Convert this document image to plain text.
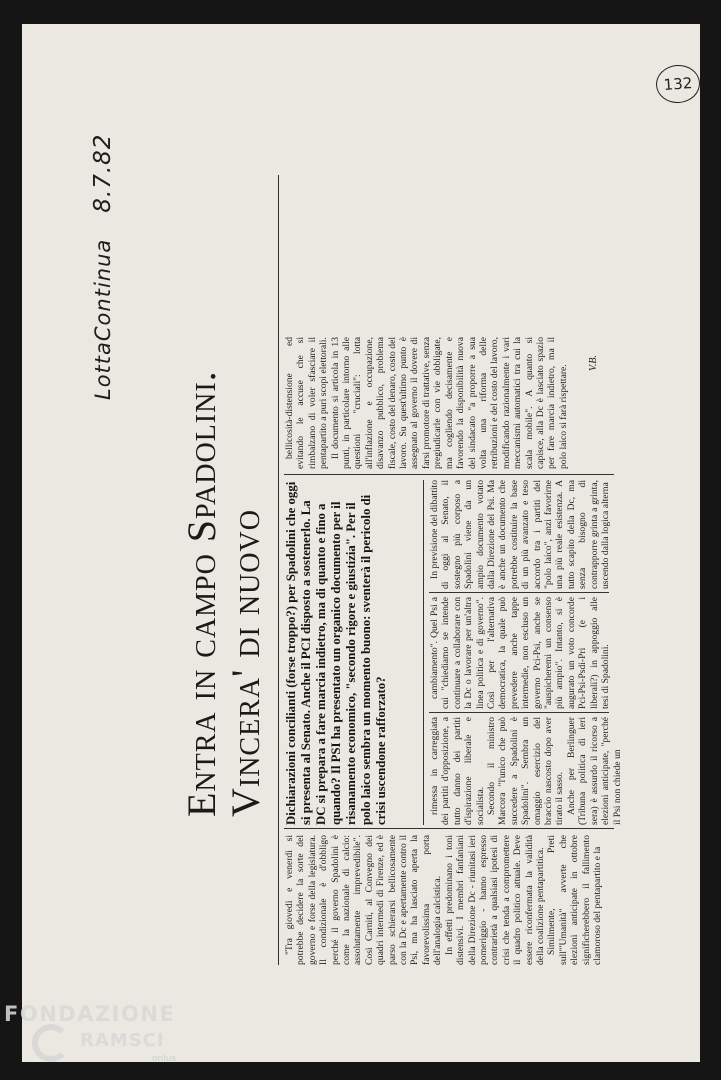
132
LottaContinua8.7.82
Entra in campo Spadolini. Vincera' di nuovo

"Tra giovedì e venerdì si potrebbe decidere la sorte del governo e forse della legislatura. Il condizionale è d'obbligo perché il governo Spadolini è come la nazionale di calcio: assolutamente imprevedibile". Così Carniti, al Convegno dei quadri intermedi di Firenze, ed è parso schierarsi bellicosamente con la Dc e apertamente contro il Psi, ma ha lasciato aperta la favorevolissima porta dell'analogia calcistica. In effetti predominano i toni distensivi. I membri fanfaniani della Direzione Dc - riunitasi ieri pomeriggio - hanno espresso contrarietà a qualsiasi ipotesi di crisi che tenda a compromettere il quadro politico attuale. Deve essere riconfermata la validità della coalizione pentapartitica. Similmente, Preti sull'"Umanità" avverte che elezioni anticipate in ottobre significherebbero il fallimento clamoroso del pentapartito e la

Dichiarazioni concilianti (forse troppo?) per Spadolini che oggi si presenta al Senato. Anche il PCI disposto a sostenerlo. La DC si prepara a fare marcia indietro, ma di quanto e fino a quando? Il PSI ha presentato un organico documento per il risanamento economico, "secondo rigore e giustizia". Per il polo laico sembra un momento buono: sventerà il pericolo di crisi uscendone rafforzato?	rimessa in carreggiata dei partiti d'opposizione, a tutto danno dei partiti d'ispirazione liberale e socialista. Secondo il ministro Marcora "l'unico che può succedere a Spadolini è Spadolini". Sembra un omaggio esercizio del braccio nascosto dopo aver tirato il sasso. Anche per Berlinguer (Tribuna politica di ieri sera) è assurdo il ricorso a elezioni anticipate, "perché il Psi non chiede un

cambiamento". Quel Psi a cui "chiediamo se intende continuare a collaborare con la Dc o lavorare per un'altra linea politica e di governo". Così per l'alternativa democratica, la quale può prevedere anche tappe intermedie, non escluso un governo Pci-Psi, anche se "auspicheremi un consenso più ampio". Intanto, si è augurato un voto concorde Pci-Psi-Psdi-Pri (e i liberali?) in appoggio alle tesi di Spadolini.

In previsione del dibattito di oggi al Senato, il sostegno più corposo a Spadolini viene da un ampio documento votato dalla Direzione del Psi. Ma è anche un documento che potrebbe costituire la base di un più avanzato e teso accordo tra i partiti del "polo laico", anzi favorirne una più reale esistenza. A tutto scapito della Dc, ma senza bisogno di contrapporre grinta a grinta, uscendo dalla logica alterna

bellicosità-distensione ed evitando le accuse che si rimbalzano di voler sfasciare il pentapartito a puri scopi elettorali. Il documento si articola in 13 punti, in particolare intorno alle questioni "cruciali": lotta all'inflazione e occupazione, disavanzo pubblico, problema fiscale, costo del denaro, costo del lavoro. Su quest'ultimo punto è assegnato al governo il dovere di farsi promotore di trattative, senza pregiudicarle con vie obbligate, ma cogliendo decisamente e favorendo la disponibilità nuova del sindacato "a proporre a sua volta una riforma delle retribuzioni e del costo del lavoro, modificando razionalmente i vari meccanismi automatici tra cui la scala mobile". A quanto si capisce, alla Dc è lasciato spazio per fare marcia indietro, ma il polo laico si farà rispettare.

V.B.
FONDAZIONE
RAMSCI
onlus
